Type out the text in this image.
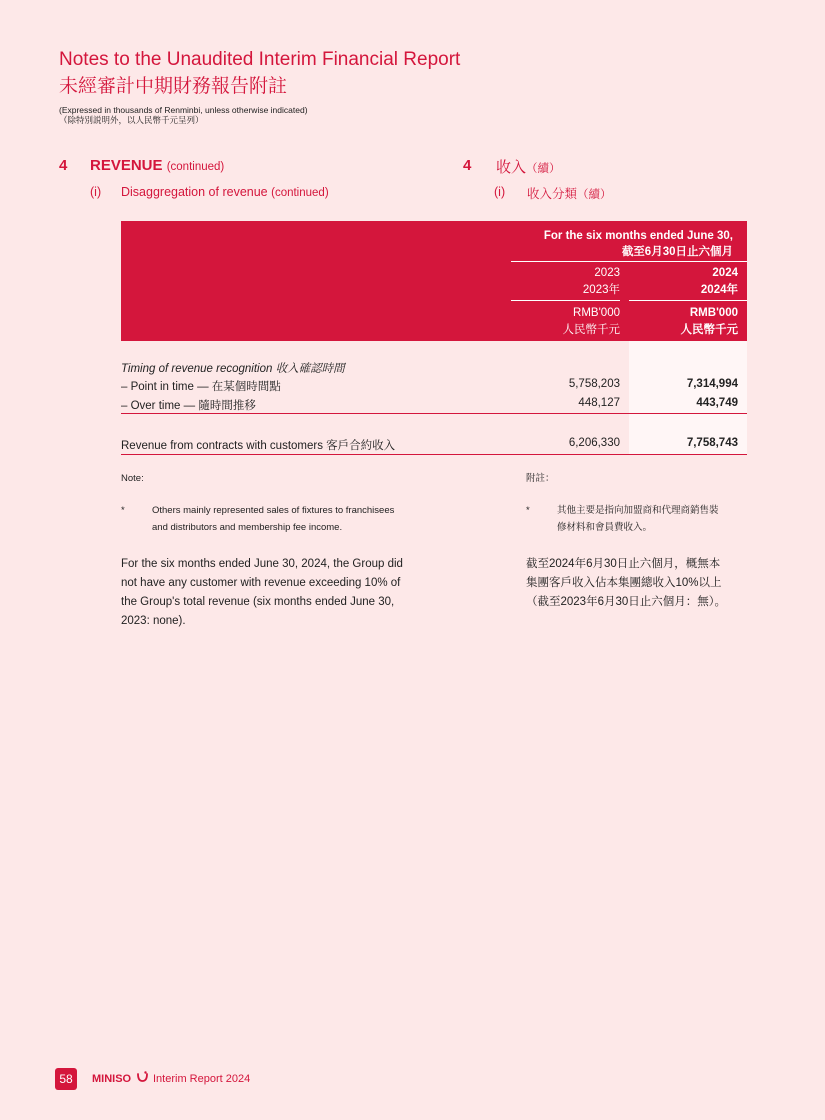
Notes to the Unaudited Interim Financial Report
未經審計中期財務報告附註
(Expressed in thousands of Renminbi, unless otherwise indicated)
（除特別説明外，以人民幣千元呈列）
4 REVENUE (continued)
(i) Disaggregation of revenue (continued)
4 收入（續）
(i) 收入分類（續）
For the six months ended June 30,
截至6月30日止六個月
2023
2023年
RMB'000
人民幣千元
2024
2024年
RMB'000
人民幣千元
Timing of revenue recognition 收入確認時間
– Point in time — 在某個時間點	5,758,203	7,314,994
– Over time — 隨時間推移	448,127	443,749
Revenue from contracts with customers 客戶合約收入	6,206,330	7,758,743
Note:	附註：
*	Others mainly represented sales of fixtures to franchisees
and distributors and membership fee income.
*	其他主要是指向加盟商和代理商銷售裝
修材料和會員費收入。
For the six months ended June 30, 2024, the Group did
not have any customer with revenue exceeding 10% of
the Group's total revenue (six months ended June 30,
2023: none).
截至2024年6月30日止六個月，概無本
集團客戶收入佔本集團總收入10%以上
（截至2023年6月30日止六個月：無）。
58	MINISO Interim Report 2024
